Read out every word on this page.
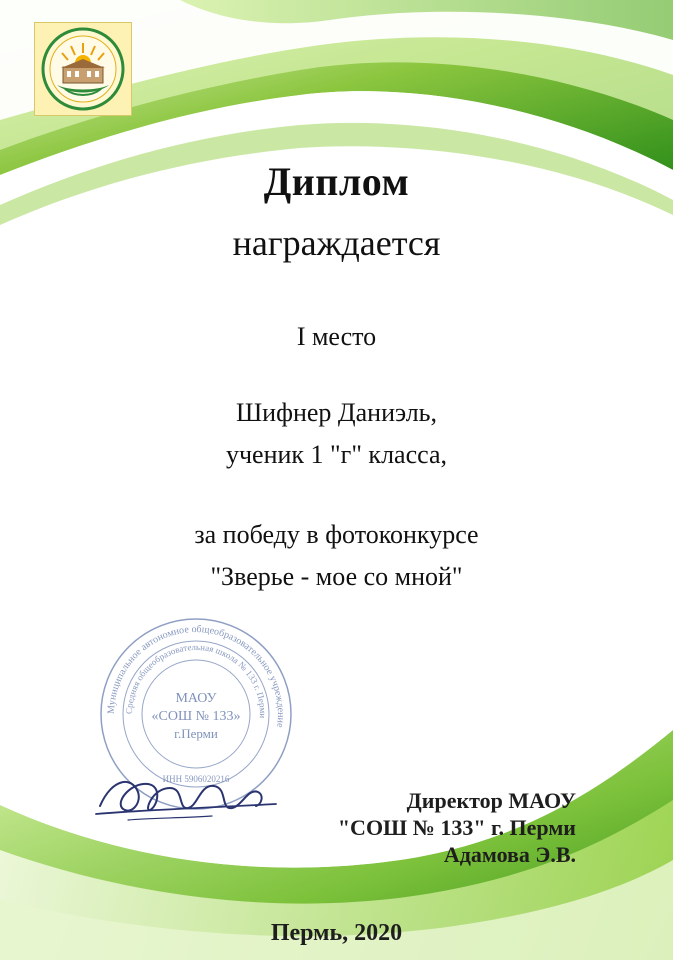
Диплом
награждается
I место
Шифнер Даниэль,
ученик 1 "г" класса,
за победу в фотоконкурсе
"Зверье - мое со мной"
Муниципальное автономное общеобразовательное учреждение
Средняя общеобразовательная школа № 133 г. Перми
МАОУ
«СОШ № 133»
г.Перми
ИНН 5906020216
Директор МАОУ
"СОШ № 133" г. Перми
Адамова Э.В.
Пермь, 2020
